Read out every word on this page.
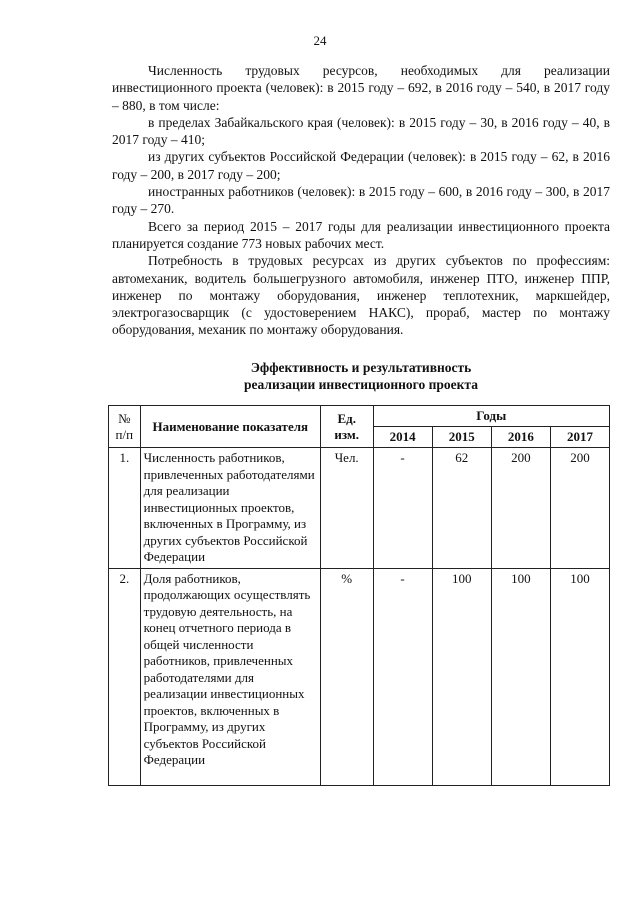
24

Численность трудовых ресурсов, необходимых для реализации инвестиционного проекта (человек): в 2015 году – 692, в 2016 году – 540, в 2017 году – 880, в том числе:

в пределах Забайкальского края (человек): в 2015 году – 30, в 2016 году – 40, в 2017 году – 410;

из других субъектов Российской Федерации (человек): в 2015 году – 62, в 2016 году – 200, в 2017 году – 200;

иностранных работников (человек): в 2015 году – 600, в 2016 году – 300, в 2017 году – 270.

Всего за период 2015 – 2017 годы для реализации инвестиционного проекта планируется создание 773 новых рабочих мест.

Потребность в трудовых ресурсах из других субъектов по профессиям: автомеханик, водитель большегрузного автомобиля, инженер ПТО, инженер ППР, инженер по монтажу оборудования, инженер теплотехник, маркшейдер, электрогазосварщик (с удостоверением НАКС), прораб, мастер по монтажу оборудования, механик по монтажу оборудования.

Эффективность и результативность
реализации инвестиционного проекта
№ п/п	Наименование показателя	Ед. изм.	Годы			
			2014	2015	2016	2017
1.	Численность работников, привлеченных работодателями для реализации инвестиционных проектов, включенных в Программу, из других субъектов Российской Федерации	Чел.	-	62	200	200
2.	Доля работников, продолжающих осуществлять трудовую деятельность, на конец отчетного периода в общей численности работников, привлеченных работодателями для реализации инвестиционных проектов, включенных в Программу, из других субъектов Российской Федерации	%	-	100	100	100
